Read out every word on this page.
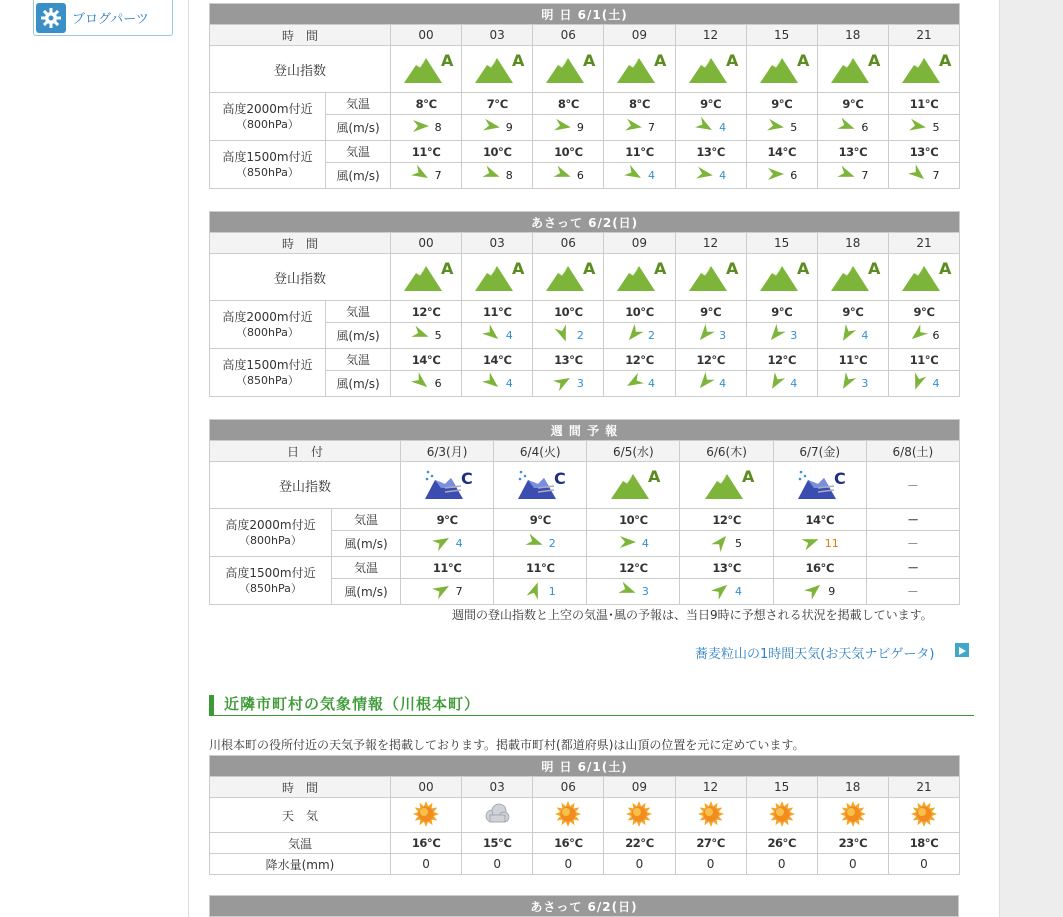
ブログパーツ	明 日 6/1(土)									
時　間		00	03	06	09	12	15	18	21
登山指数		A	A	A	A	A	A	A	A

高度2000m付近
（800hPa）	気温	8℃	7℃	8℃	8℃	9℃	9℃	9℃	11℃
	風(m/s)	8	9	9	7	4	5	6	5

高度1500m付近
（850hPa）	気温	11℃	10℃	10℃	11℃	13℃	14℃	13℃	13℃
	風(m/s)	7	8	6	4	4	6	7	7
あさって 6/2(日)									
時　間		00	03	06	09	12	15	18	21
登山指数		A	A	A	A	A	A	A	A

高度2000m付近
（800hPa）	気温	12℃	11℃	10℃	10℃	9℃	9℃	9℃	9℃
	風(m/s)	5	4	2	2	3	3	4	6

高度1500m付近
（850hPa）	気温	14℃	14℃	13℃	12℃	12℃	12℃	11℃	11℃
	風(m/s)	6	4	3	4	4	4	3	4
週 間 予 報							
日　付		6/3(月)	6/4(火)	6/5(水)	6/6(木)	6/7(金)	6/8(土)
登山指数		C	C	A	A	C	－

高度2000m付近
（800hPa）	気温	9℃	9℃	10℃	12℃	14℃	－
	風(m/s)	4	2	4	5	11	－

高度1500m付近
（850hPa）	気温	11℃	11℃	12℃	13℃	16℃	－
	風(m/s)	7	1	3	4	9	－
明 日 6/1(土)								
時　間	00	03	06	09	12	15	18	21
天　気								
気温	16℃	15℃	16℃	22℃	27℃	26℃	23℃	18℃
降水量(mm)	0	0	0	0	0	0	0	0
あさって 6/2(日)
週間の登山指数と上空の気温･風の予報は、当日9時に予想される状況を掲載しています。
蕎麦粒山の1時間天気(お天気ナビゲータ)
近隣市町村の気象情報（川根本町）
川根本町の役所付近の天気予報を掲載しております。掲載市町村(都道府県)は山頂の位置を元に定めています。
